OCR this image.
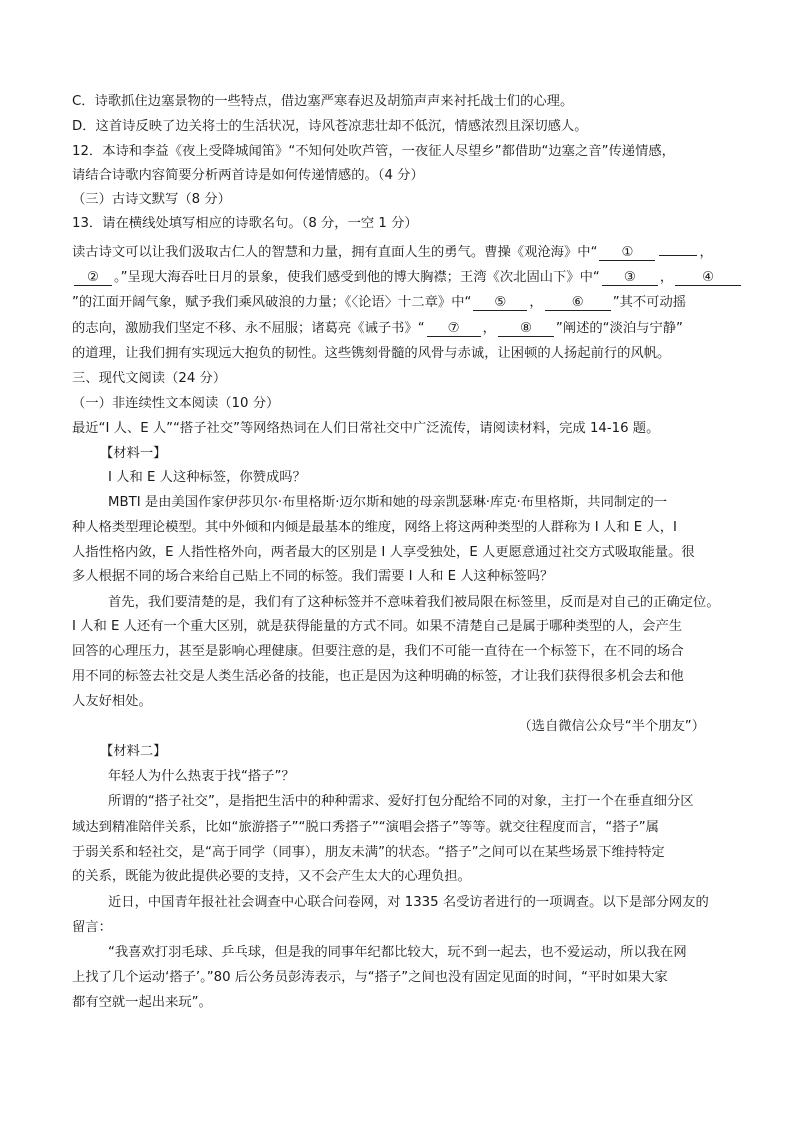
C．诗歌抓住边塞景物的一些特点，借边塞严寒春迟及胡笳声声来衬托战士们的心理。
D．这首诗反映了边关将士的生活状况，诗风苍凉悲壮却不低沉，情感浓烈且深切感人。
12．本诗和李益《夜上受降城闻笛》“不知何处吹芦管，一夜征人尽望乡”都借助“边塞之音”传递情感，
请结合诗歌内容简要分析两首诗是如何传递情感的。（4 分）
（三）古诗文默写（8 分）
13．请在横线处填写相应的诗歌名句。（8 分，一空 1 分）
读古诗文可以让我们汲取古仁人的智慧和力量，拥有直面人生的勇气。曹操《观沧海》中“ ①	，
② 。”呈现大海吞吐日月的景象，使我们感受到他的博大胸襟；王湾《次北固山下》中“ ③ ， ④
”的江面开阔气象，赋予我们乘风破浪的力量；《〈论语〉十二章》中“ ⑤ ， ⑥ ”其不可动摇
的志向，激励我们坚定不移、永不屈服；诸葛亮《诫子书》“ ⑦ ， ⑧ ”阐述的“淡泊与宁静”
的道理，让我们拥有实现远大抱负的韧性。这些镌刻骨髓的风骨与赤诚，让困顿的人扬起前行的风帆。
三、现代文阅读（24 分）
（一）非连续性文本阅读（10 分）
最近“I 人、E 人”“搭子社交”等网络热词在人们日常社交中广泛流传，请阅读材料，完成 14-16 题。
【材料一】
I 人和 E 人这种标签，你赞成吗？
MBTI 是由美国作家伊莎贝尔·布里格斯·迈尔斯和她的母亲凯瑟琳·库克·布里格斯，共同制定的一
种人格类型理论模型。其中外倾和内倾是最基本的维度，网络上将这两种类型的人群称为 I 人和 E 人，I
人指性格内敛，E 人指性格外向，两者最大的区别是 I 人享受独处，E 人更愿意通过社交方式吸取能量。很
多人根据不同的场合来给自己贴上不同的标签。我们需要 I 人和 E 人这种标签吗？
首先，我们要清楚的是，我们有了这种标签并不意味着我们被局限在标签里，反而是对自己的正确定位。
I 人和 E 人还有一个重大区别，就是获得能量的方式不同。如果不清楚自己是属于哪种类型的人，会产生
回答的心理压力，甚至是影响心理健康。但要注意的是，我们不可能一直待在一个标签下，在不同的场合
用不同的标签去社交是人类生活必备的技能，也正是因为这种明确的标签，才让我们获得很多机会去和他
人友好相处。
（选自微信公众号“半个朋友”）
【材料二】
年轻人为什么热衷于找“搭子”？
所谓的“搭子社交”，是指把生活中的种种需求、爱好打包分配给不同的对象，主打一个在垂直细分区
域达到精准陪伴关系，比如“旅游搭子”“脱口秀搭子”“演唱会搭子”等等。就交往程度而言，“搭子”属
于弱关系和轻社交，是“高于同学（同事），朋友未满”的状态。“搭子”之间可以在某些场景下维持特定
的关系，既能为彼此提供必要的支持，又不会产生太大的心理负担。
近日，中国青年报社社会调查中心联合问卷网，对 1335 名受访者进行的一项调查。以下是部分网友的
留言：
“我喜欢打羽毛球、乒乓球，但是我的同事年纪都比较大，玩不到一起去，也不爱运动，所以我在网
上找了几个运动‘搭子’。”80 后公务员彭涛表示，与“搭子”之间也没有固定见面的时间，“平时如果大家
都有空就一起出来玩”。
